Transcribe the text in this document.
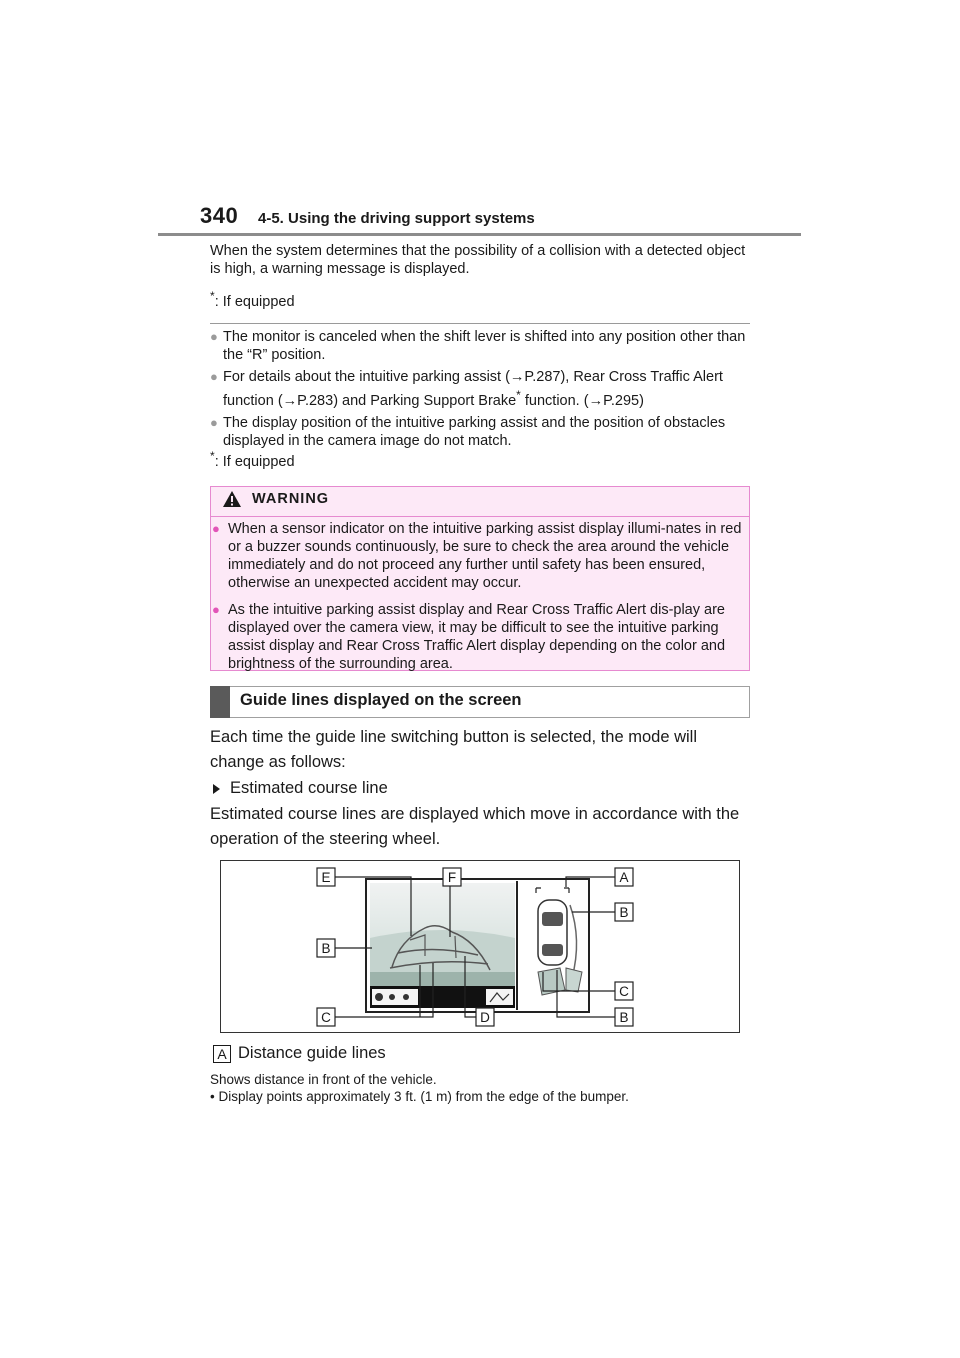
340 4-5. Using the driving support systems
When the system determines that the possibility of a collision with a detected object is high, a warning message is displayed.
*: If equipped
● The monitor is canceled when the shift lever is shifted into any position other than the “R” position.
● For details about the intuitive parking assist (→P.287), Rear Cross Traffic Alert function (→P.283) and Parking Support Brake* function. (→P.295)
● The display position of the intuitive parking assist and the position of obstacles displayed in the camera image do not match.
*: If equipped
WARNING
● When a sensor indicator on the intuitive parking assist display illumi-nates in red or a buzzer sounds continuously, be sure to check the area around the vehicle immediately and do not proceed any further until safety has been ensured, otherwise an unexpected accident may occur.
● As the intuitive parking assist display and Rear Cross Traffic Alert dis-play are displayed over the camera view, it may be difficult to see the intuitive parking assist display and Rear Cross Traffic Alert display depending on the color and brightness of the surrounding area.
Guide lines displayed on the screen
Each time the guide line switching button is selected, the mode will change as follows:
Estimated course line
Estimated course lines are displayed which move in accordance with the operation of the steering wheel.
E	F	A
B
B
C
C	D	B
A Distance guide lines
Shows distance in front of the vehicle.
• Display points approximately 3 ft. (1 m) from the edge of the bumper.
